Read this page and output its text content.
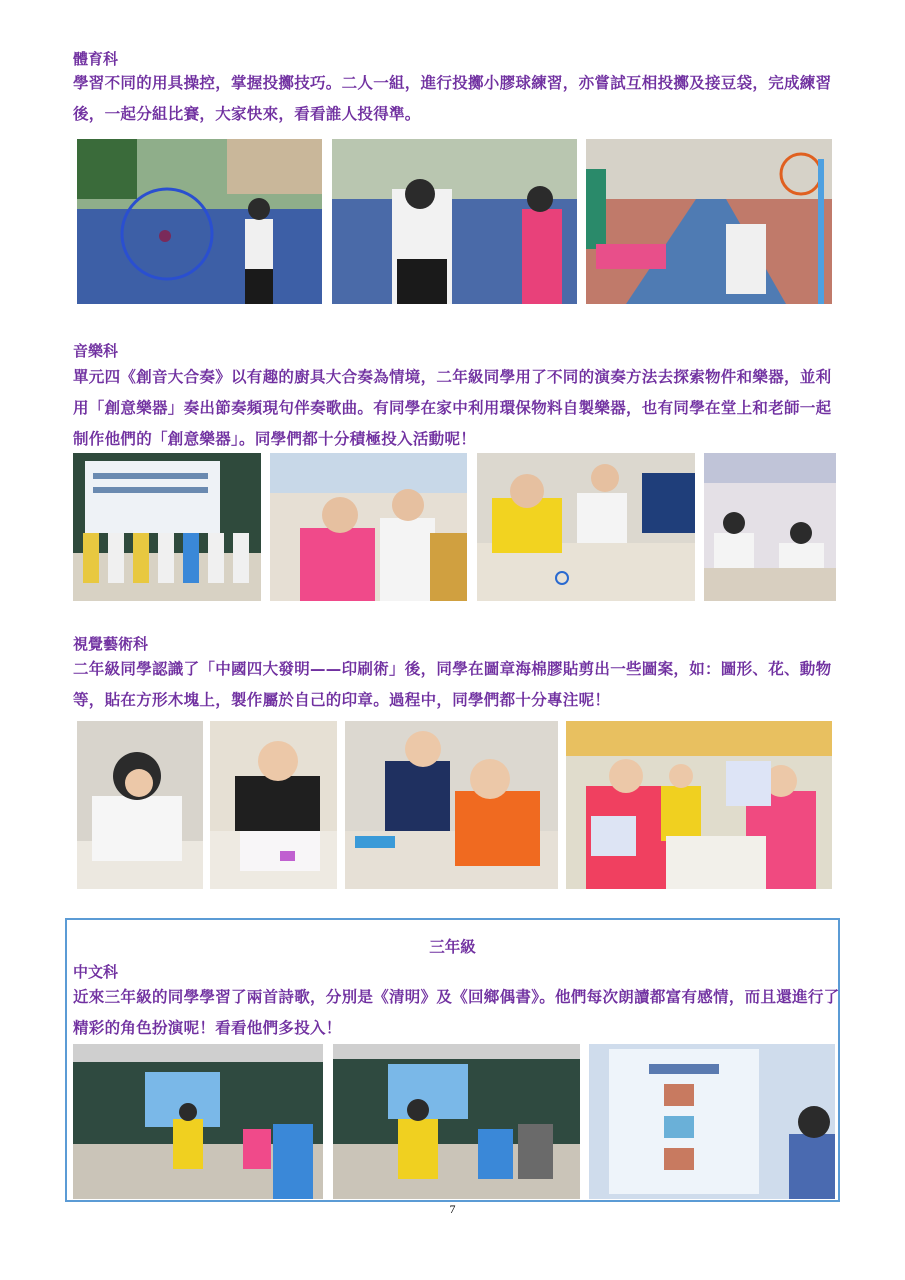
體育科
學習不同的用具操控，掌握投擲技巧。二人一組，進行投擲小膠球練習，亦嘗試互相投擲及接豆袋，完成練習後，一起分組比賽，大家快來，看看誰人投得準。
音樂科
單元四《創音大合奏》以有趣的廚具大合奏為情境，二年級同學用了不同的演奏方法去探索物件和樂器，並利用「創意樂器」奏出節奏頻現句伴奏歌曲。有同學在家中利用環保物料自製樂器，也有同學在堂上和老師一起制作他們的「創意樂器」。同學們都十分積極投入活動呢！
視覺藝術科
二年級同學認識了「中國四大發明——印刷術」後，同學在圖章海棉膠貼剪出一些圖案，如：圖形、花、動物等，貼在方形木塊上，製作屬於自己的印章。過程中，同學們都十分專注呢！
三年級
中文科
近來三年級的同學學習了兩首詩歌，分別是《清明》及《回鄉偶書》。他們每次朗讀都富有感情，而且還進行了精彩的角色扮演呢！看看他們多投入！
7
